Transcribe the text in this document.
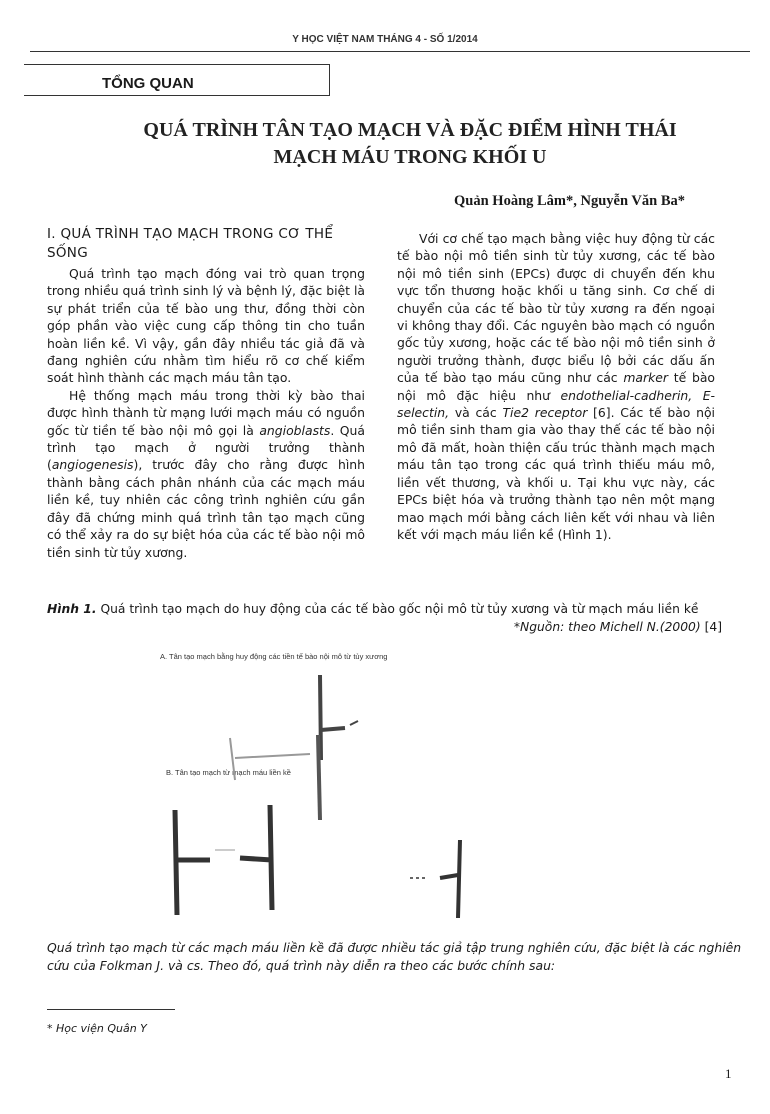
Y HỌC VIỆT NAM THÁNG 4 - SỐ 1/2014
TỔNG QUAN
QUÁ TRÌNH TÂN TẠO MẠCH VÀ ĐẶC ĐIỂM HÌNH THÁI
MẠCH MÁU TRONG KHỐI U
Quản Hoàng Lâm*, Nguyễn Văn Ba*
I. QUÁ TRÌNH TẠO MẠCH TRONG CƠ THỂ SỐNG

Quá trình tạo mạch đóng vai trò quan trọng trong nhiều quá trình sinh lý và bệnh lý, đặc biệt là sự phát triển của tế bào ung thư, đồng thời còn góp phần vào việc cung cấp thông tin cho tuần hoàn liền kề. Vì vậy, gần đây nhiều tác giả đã và đang nghiên cứu nhằm tìm hiểu rõ cơ chế kiểm soát hình thành các mạch máu tân tạo.

Hệ thống mạch máu trong thời kỳ bào thai được hình thành từ mạng lưới mạch máu có nguồn gốc từ tiền tế bào nội mô gọi là angioblasts. Quá trình tạo mạch ở người trưởng thành (angiogenesis), trước đây cho rằng được hình thành bằng cách phân nhánh của các mạch máu liền kề, tuy nhiên các công trình nghiên cứu gần đây đã chứng minh quá trình tân tạo mạch cũng có thể xảy ra do sự biệt hóa của các tế bào nội mô tiền sinh từ tủy xương.

Với cơ chế tạo mạch bằng việc huy động từ các tế bào nội mô tiền sinh từ tủy xương, các tế bào nội mô tiền sinh (EPCs) được di chuyển đến khu vực tổn thương hoặc khối u tăng sinh. Cơ chế di chuyển của các tế bào từ tủy xương ra đến ngoại vi không thay đổi. Các nguyên bào mạch có nguồn gốc tủy xương, hoặc các tế bào nội mô tiền sinh ở người trưởng thành, được biểu lộ bởi các dấu ấn của tế bào tạo máu cũng như các marker tế bào nội mô đặc hiệu như endothelial-cadherin, E-selectin, và các Tie2 receptor [6]. Các tế bào nội mô tiền sinh tham gia vào thay thế các tế bào nội mô đã mất, hoàn thiện cấu trúc thành mạch mạch máu tân tạo trong các quá trình thiếu máu mô, liền vết thương, và khối u. Tại khu vực này, các EPCs biệt hóa và trưởng thành tạo nên một mạng mao mạch mới bằng cách liên kết với nhau và liên kết với mạch máu liền kề (Hình 1).

Hình 1. Quá trình tạo mạch do huy động của các tế bào gốc nội mô từ tủy xương và từ mạch máu liền kề
*Nguồn: theo Michell N.(2000) [4]
A. Tân tạo mạch bằng huy động các tiền tế bào nội mô từ tủy xương
B. Tân tạo mạch từ mạch máu liền kề
Quá trình tạo mạch từ các mạch máu liền kề đã được nhiều tác giả tập trung nghiên cứu, đặc biệt là các nghiên cứu của Folkman J. và cs. Theo đó, quá trình này diễn ra theo các bước chính sau:
* Học viện Quân Y
1
